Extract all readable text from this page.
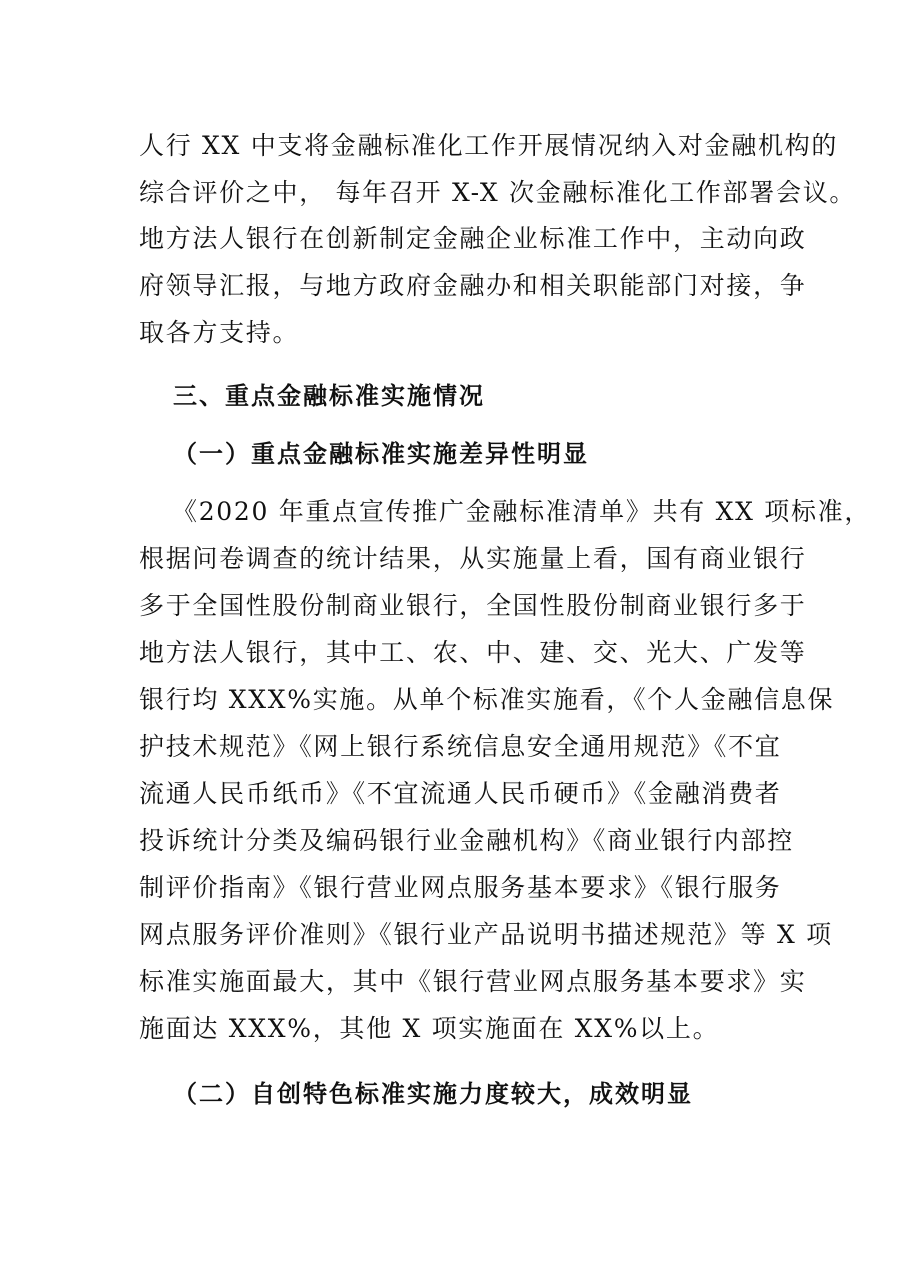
人行 XX 中支将金融标准化工作开展情况纳入对金融机构的
综合评价之中， 每年召开 X-X 次金融标准化工作部署会议。
地方法人银行在创新制定金融企业标准工作中，主动向政
府领导汇报，与地方政府金融办和相关职能部门对接，争
取各方支持。
三、重点金融标准实施情况
（一）重点金融标准实施差异性明显
《2020 年重点宣传推广金融标准清单》共有 XX 项标准，
根据问卷调查的统计结果，从实施量上看，国有商业银行
多于全国性股份制商业银行，全国性股份制商业银行多于
地方法人银行，其中工、农、中、建、交、光大、广发等
银行均 XXX%实施。从单个标准实施看，《个人金融信息保
护技术规范》《网上银行系统信息安全通用规范》《不宜
流通人民币纸币》《不宜流通人民币硬币》《金融消费者
投诉统计分类及编码银行业金融机构》《商业银行内部控
制评价指南》《银行营业网点服务基本要求》《银行服务
网点服务评价准则》《银行业产品说明书描述规范》等 X 项
标准实施面最大，其中《银行营业网点服务基本要求》实
施面达 XXX%，其他 X 项实施面在 XX%以上。
（二）自创特色标准实施力度较大，成效明显
